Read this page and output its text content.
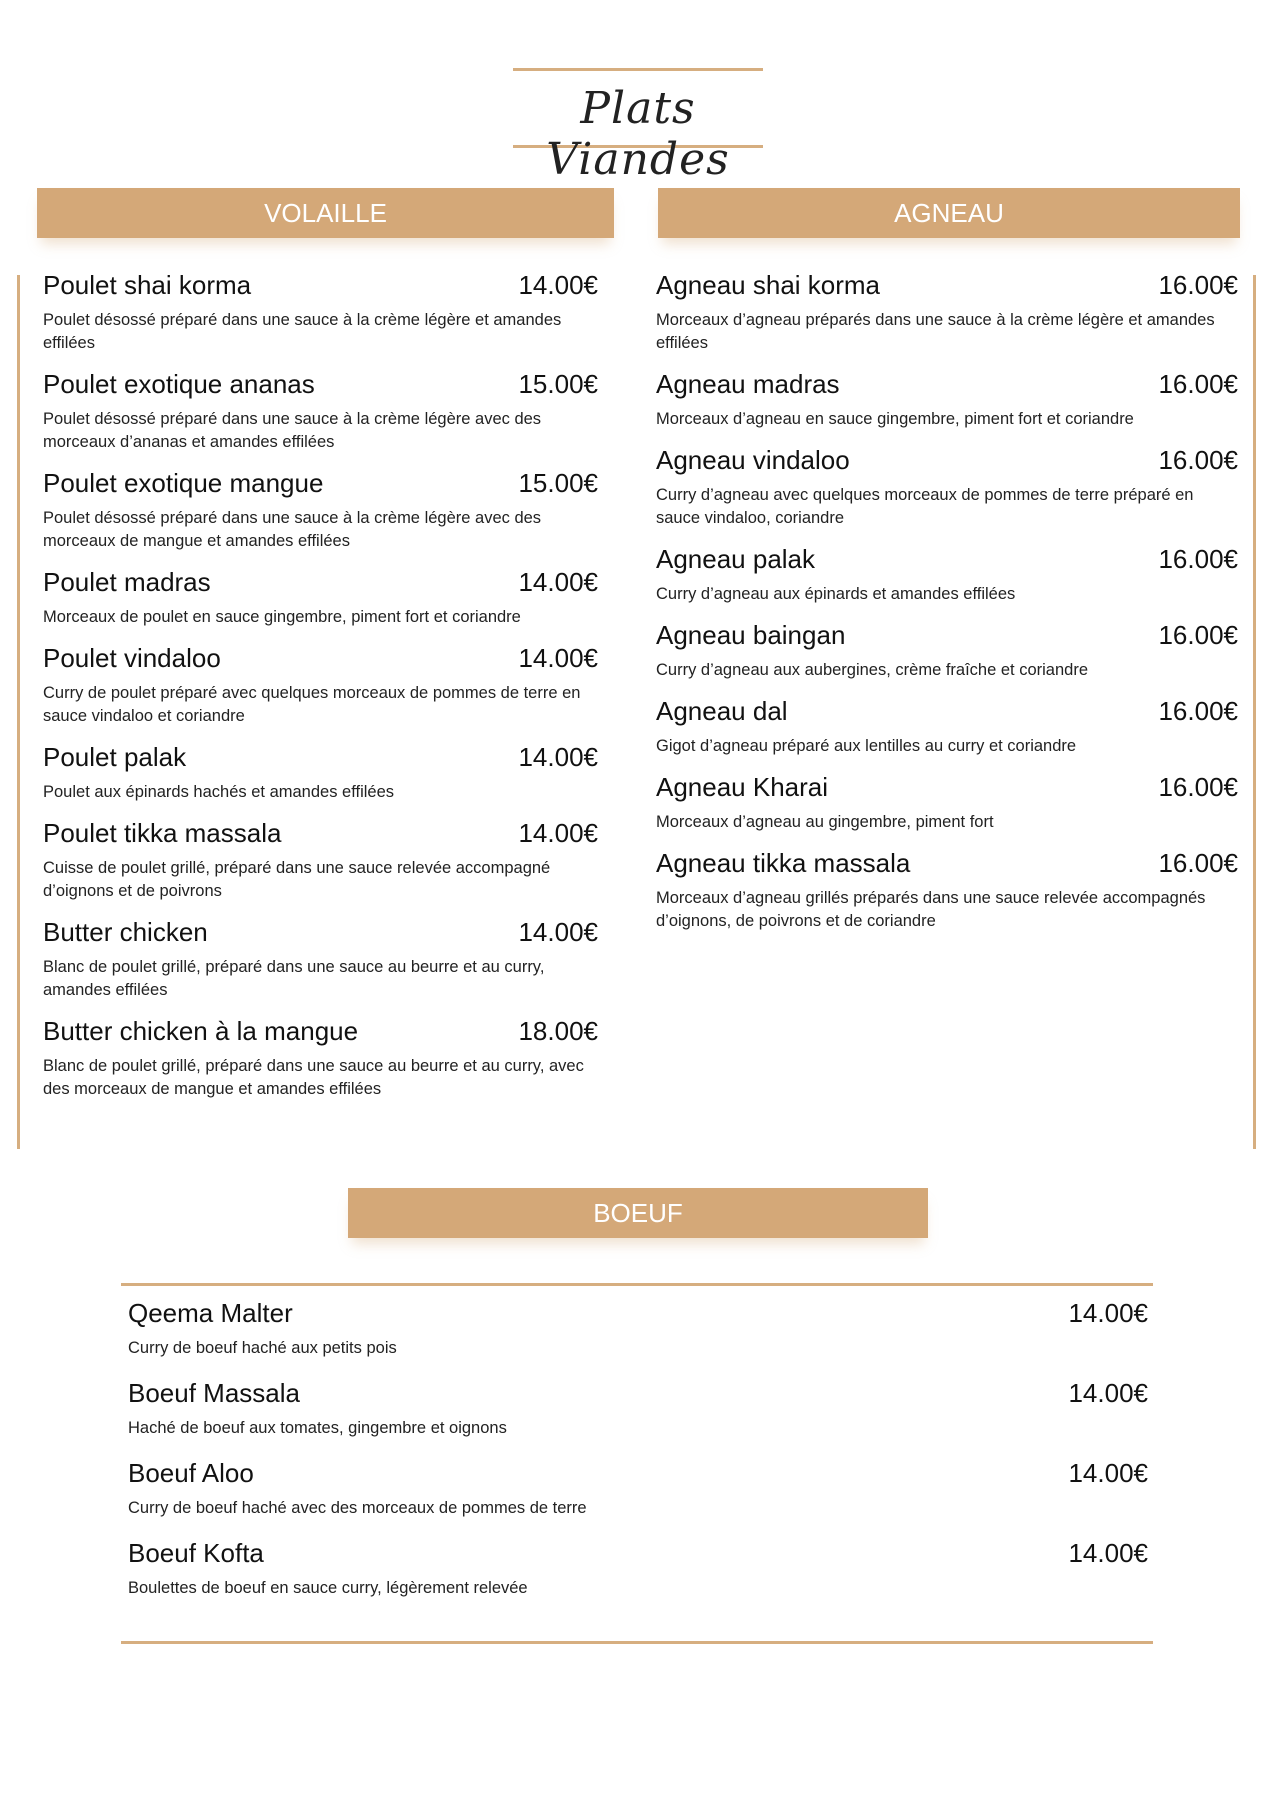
Plats Viandes
VOLAILLE	AGNEAU
Poulet shai korma	14.00€
Poulet désossé préparé dans une sauce à la crème légère et amandes effilées
Poulet exotique ananas	15.00€
Poulet désossé préparé dans une sauce à la crème légère avec des morceaux d’ananas et amandes effilées
Poulet exotique mangue	15.00€
Poulet désossé préparé dans une sauce à la crème légère avec des morceaux de mangue et amandes effilées
Poulet madras	14.00€
Morceaux de poulet en sauce gingembre, piment fort et coriandre
Poulet vindaloo	14.00€
Curry de poulet préparé avec quelques morceaux de pommes de terre en sauce vindaloo et coriandre
Poulet palak	14.00€
Poulet aux épinards hachés et amandes effilées
Poulet tikka massala	14.00€
Cuisse de poulet grillé, préparé dans une sauce relevée accompagné d’oignons et de poivrons
Butter chicken	14.00€
Blanc de poulet grillé, préparé dans une sauce au beurre et au curry, amandes effilées
Butter chicken à la mangue	18.00€
Blanc de poulet grillé, préparé dans une sauce au beurre et au curry, avec des morceaux de mangue et amandes effilées
Agneau shai korma	16.00€
Morceaux d’agneau préparés dans une sauce à la crème légère et amandes effilées
Agneau madras	16.00€
Morceaux d’agneau en sauce gingembre, piment fort et coriandre
Agneau vindaloo	16.00€
Curry d’agneau avec quelques morceaux de pommes de terre préparé en sauce vindaloo, coriandre
Agneau palak	16.00€
Curry d’agneau aux épinards et amandes effilées
Agneau baingan	16.00€
Curry d’agneau aux aubergines, crème fraîche et coriandre
Agneau dal	16.00€
Gigot d’agneau préparé aux lentilles au curry et coriandre
Agneau Kharai	16.00€
Morceaux d’agneau au gingembre, piment fort
Agneau tikka massala	16.00€
Morceaux d’agneau grillés préparés dans une sauce relevée accompagnés d’oignons, de poivrons et de coriandre
BOEUF
Qeema Malter	14.00€
Curry de boeuf haché aux petits pois
Boeuf Massala	14.00€
Haché de boeuf aux tomates, gingembre et oignons
Boeuf Aloo	14.00€
Curry de boeuf haché avec des morceaux de pommes de terre
Boeuf Kofta	14.00€
Boulettes de boeuf en sauce curry, légèrement relevée
